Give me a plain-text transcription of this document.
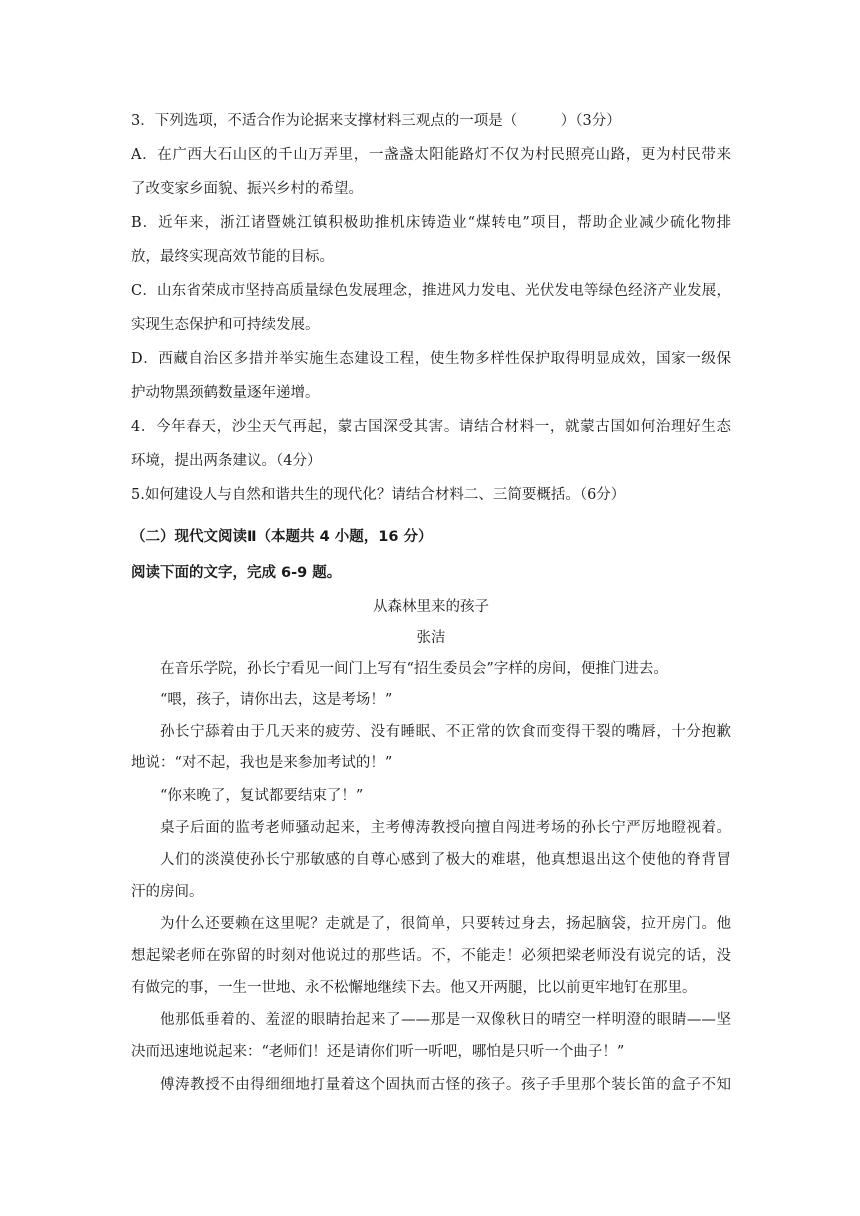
3．下列选项，不适合作为论据来支撑材料三观点的一项是（　　　）（3分）
A．在广西大石山区的千山万弄里，一盏盏太阳能路灯不仅为村民照亮山路，更为村民带来
了改变家乡面貌、振兴乡村的希望。
B．近年来，浙江诸暨姚江镇积极助推机床铸造业“煤转电”项目，帮助企业减少硫化物排
放，最终实现高效节能的目标。
C．山东省荣成市坚持高质量绿色发展理念，推进风力发电、光伏发电等绿色经济产业发展，
实现生态保护和可持续发展。
D．西藏自治区多措并举实施生态建设工程，使生物多样性保护取得明显成效，国家一级保
护动物黑颈鹤数量逐年递增。
4．今年春天，沙尘天气再起，蒙古国深受其害。请结合材料一，就蒙古国如何治理好生态
环境，提出两条建议。（4分）
5.如何建设人与自然和谐共生的现代化？请结合材料二、三简要概括。（6分）
（二）现代文阅读Ⅱ（本题共 4 小题，16 分）
阅读下面的文字，完成 6-9 题。
从森林里来的孩子
张洁
在音乐学院，孙长宁看见一间门上写有“招生委员会”字样的房间，便推门进去。
“喂，孩子，请你出去，这是考场！”
孙长宁舔着由于几天来的疲劳、没有睡眠、不正常的饮食而变得干裂的嘴唇，十分抱歉
地说：“对不起，我也是来参加考试的！”
“你来晚了，复试都要结束了！”
桌子后面的监考老师骚动起来，主考傅涛教授向擅自闯进考场的孙长宁严厉地瞪视着。
人们的淡漠使孙长宁那敏感的自尊心感到了极大的难堪，他真想退出这个使他的脊背冒
汗的房间。
为什么还要赖在这里呢？走就是了，很简单，只要转过身去，扬起脑袋，拉开房门。他
想起梁老师在弥留的时刻对他说过的那些话。不，不能走！必须把梁老师没有说完的话，没
有做完的事，一生一世地、永不松懈地继续下去。他又开两腿，比以前更牢地钉在那里。
他那低垂着的、羞涩的眼睛抬起来了——那是一双像秋日的晴空一样明澄的眼睛——坚
决而迅速地说起来：“老师们！还是请你们听一听吧，哪怕是只听一个曲子！”
傅涛教授不由得细细地打量着这个固执而古怪的孩子。孩子手里那个装长笛的盒子不知
